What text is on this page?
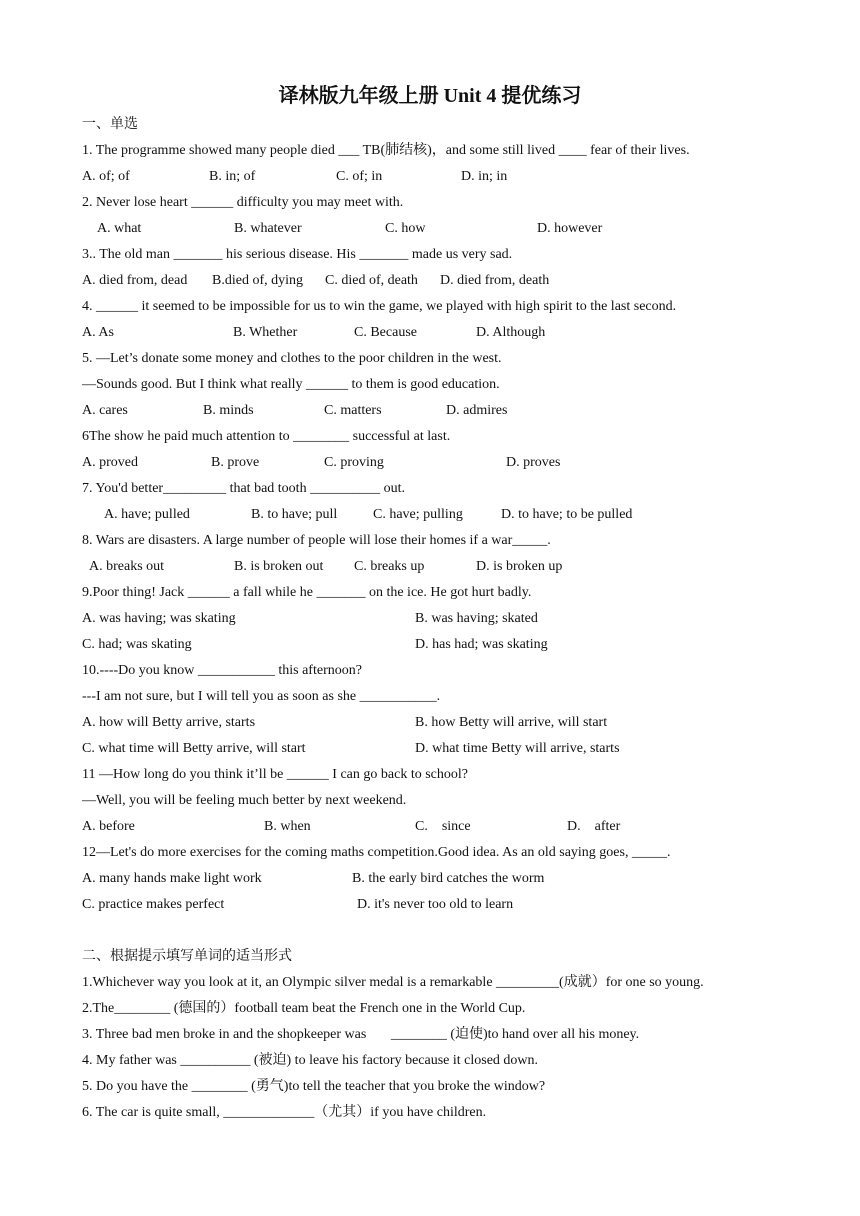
译林版九年级上册 Unit 4 提优练习
一、单选
1. The programme showed many people died ___ TB(肺结核)，and some still lived ____ fear of their lives.
A. of; of	B. in; of	C. of; in	D. in; in
2. Never lose heart ______ difficulty you may meet with.
A. what	B. whatever	C. how	D. however
3.. The old man _______ his serious disease. His _______ made us very sad.
A. died from, dead B.died of, dying C. died of, death D. died from, death
4. ______ it seemed to be impossible for us to win the game, we played with high spirit to the last second.
A. As	B. Whether	C. Because	D. Although
5. —Let’s donate some money and clothes to the poor children in the west.
—Sounds good. But I think what really ______ to them is good education.
A. cares	B. minds	C. matters	D. admires
6The show he paid much attention to ________ successful at last.
A. proved	B. prove	C. proving	D. proves
7. You'd better_________ that bad tooth __________ out.
A. have; pulled	B. to have; pull	C. have; pulling	D. to have; to be pulled
8. Wars are disasters. A large number of people will lose their homes if a war_____.
A. breaks out	B. is broken out C. breaks up	D. is broken up
9.Poor thing! Jack ______ a fall while he _______ on the ice. He got hurt badly.
A. was having; was skating	B. was having; skated
C. had; was skating	D. has had; was skating
10.----Do you know ___________ this afternoon?
---I am not sure, but I will tell you as soon as she ___________.
A. how will Betty arrive, starts	B. how Betty will arrive, will start
C. what time will Betty arrive, will start	D. what time Betty will arrive, starts
11 —How long do you think it’ll be ______ I can go back to school?
—Well, you will be feeling much better by next weekend.
A. before	B. when	C.    since	D.    after
12—Let's do more exercises for the coming maths competition.Good idea. As an old saying goes, _____.
A. many hands make light work	B. the early bird catches the worm
C. practice makes perfect	D. it's never too old to learn
二、根据提示填写单词的适当形式
1.Whichever way you look at it, an Olympic silver medal is a remarkable _________(成就）for one so young.
2.The________ (德国的）football team beat the French one in the World Cup.
3. Three bad men broke in and the shopkeeper was       ________ (迫使)to hand over all his money.
4. My father was __________ (被迫) to leave his factory because it closed down.
5. Do you have the ________ (勇气)to tell the teacher that you broke the window?
6. The car is quite small, _____________（尤其）if you have children.
